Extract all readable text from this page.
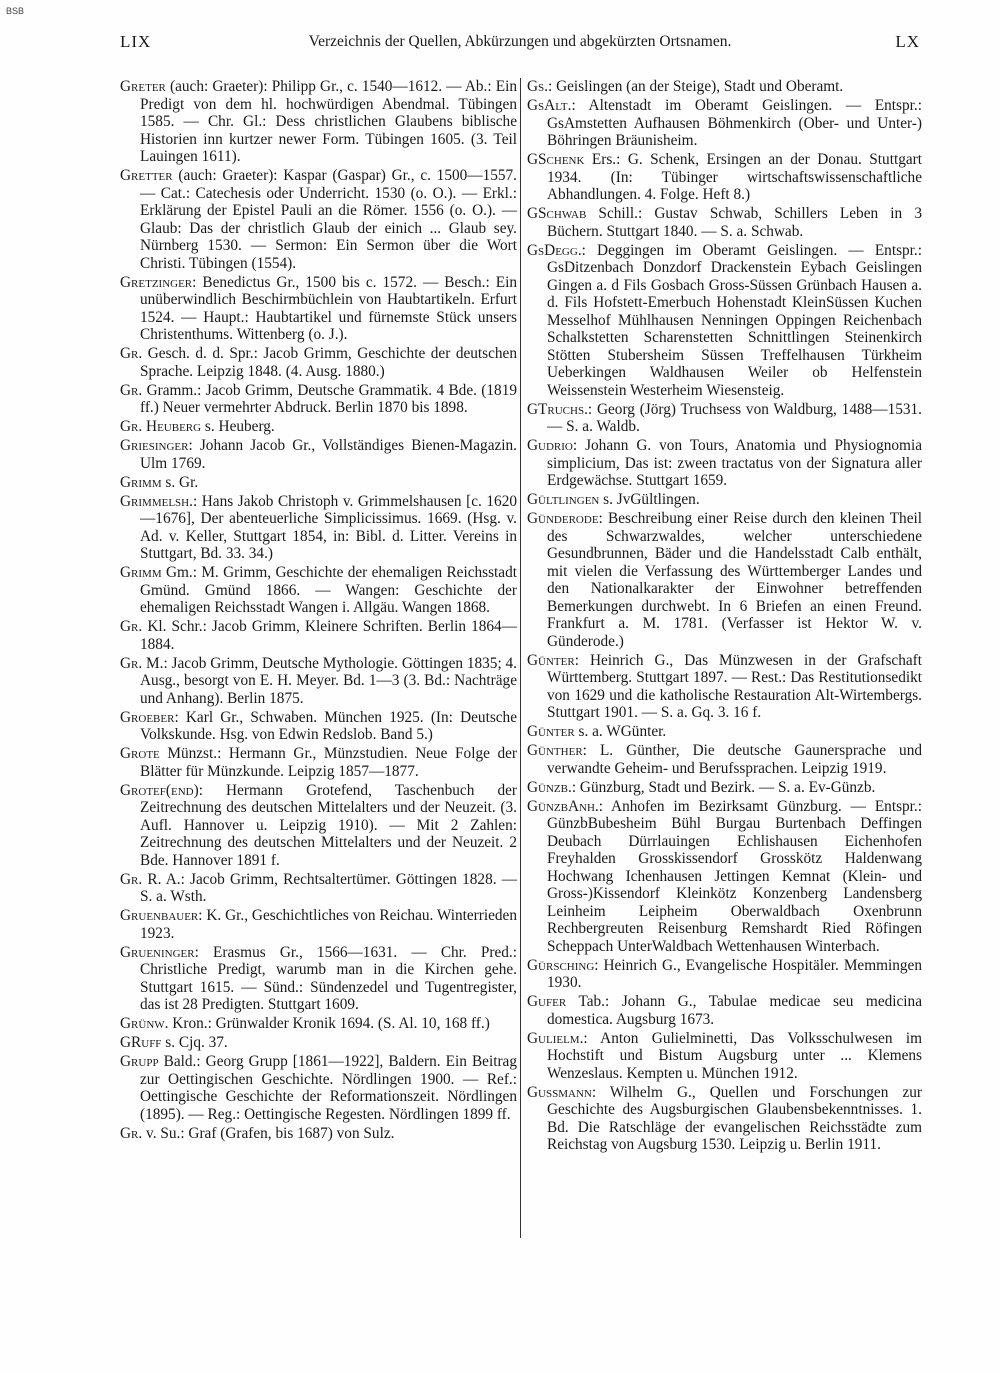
BSB
LIX	Verzeichnis der Quellen, Abkürzungen und abgekürzten Ortsnamen.	LX

Greter (auch: Graeter): Philipp Gr., c. 1540—1612. — Ab.: Ein Predigt von dem hl. hochwürdigen Abendmal. Tübingen 1585. — Chr. Gl.: Dess christlichen Glaubens biblische Historien inn kurtzer newer Form. Tübingen 1605. (3. Teil Lauingen 1611).

Gretter (auch: Graeter): Kaspar (Gaspar) Gr., c. 1500—1557. — Cat.: Catechesis oder Underricht. 1530 (o. O.). — Erkl.: Erklärung der Epistel Pauli an die Römer. 1556 (o. O.). — Glaub: Das der christlich Glaub der einich ... Glaub sey. Nürnberg 1530. — Sermon: Ein Sermon über die Wort Christi. Tübingen (1554).

Gretzinger: Benedictus Gr., 1500 bis c. 1572. — Besch.: Ein unüberwindlich Beschirmbüchlein von Haubtartikeln. Erfurt 1524. — Haupt.: Haubtartikel und fürnemste Stück unsers Christenthums. Wittenberg (o. J.).

Gr. Gesch. d. d. Spr.: Jacob Grimm, Geschichte der deutschen Sprache. Leipzig 1848. (4. Ausg. 1880.)

Gr. Gramm.: Jacob Grimm, Deutsche Grammatik. 4 Bde. (1819 ff.) Neuer vermehrter Abdruck. Berlin 1870 bis 1898.

Gr. Heuberg s. Heuberg.

Griesinger: Johann Jacob Gr., Vollständiges Bienen-Magazin. Ulm 1769.

Grimm s. Gr.

Grimmelsh.: Hans Jakob Christoph v. Grimmelshausen [c. 1620—1676], Der abenteuerliche Simplicissimus. 1669. (Hsg. v. Ad. v. Keller, Stuttgart 1854, in: Bibl. d. Litter. Vereins in Stuttgart, Bd. 33. 34.)

Grimm Gm.: M. Grimm, Geschichte der ehemaligen Reichsstadt Gmünd. Gmünd 1866. — Wangen: Geschichte der ehemaligen Reichsstadt Wangen i. Allgäu. Wangen 1868.

Gr. Kl. Schr.: Jacob Grimm, Kleinere Schriften. Berlin 1864—1884.

Gr. M.: Jacob Grimm, Deutsche Mythologie. Göttingen 1835; 4. Ausg., besorgt von E. H. Meyer. Bd. 1—3 (3. Bd.: Nachträge und Anhang). Berlin 1875.

Groeber: Karl Gr., Schwaben. München 1925. (In: Deutsche Volkskunde. Hsg. von Edwin Redslob. Band 5.)

Grote Münzst.: Hermann Gr., Münzstudien. Neue Folge der Blätter für Münzkunde. Leipzig 1857—1877.

Grotef(end): Hermann Grotefend, Taschenbuch der Zeitrechnung des deutschen Mittelalters und der Neuzeit. (3. Aufl. Hannover u. Leipzig 1910). — Mit 2 Zahlen: Zeitrechnung des deutschen Mittelalters und der Neuzeit. 2 Bde. Hannover 1891 f.

Gr. R. A.: Jacob Grimm, Rechtsaltertümer. Göttingen 1828. — S. a. Wsth.

Gruenbauer: K. Gr., Geschichtliches von Reichau. Winterrieden 1923.

Grueninger: Erasmus Gr., 1566—1631. — Chr. Pred.: Christliche Predigt, warumb man in die Kirchen gehe. Stuttgart 1615. — Sünd.: Sündenzedel und Tugentregister, das ist 28 Predigten. Stuttgart 1609.

Grünw. Kron.: Grünwalder Kronik 1694. (S. Al. 10, 168 ff.)

GRuff s. Cjq. 37.

Grupp Bald.: Georg Grupp [1861—1922], Baldern. Ein Beitrag zur Oettingischen Geschichte. Nördlingen 1900. — Ref.: Oettingische Geschichte der Reformationszeit. Nördlingen (1895). — Reg.: Oettingische Regesten. Nördlingen 1899 ff.

Gr. v. Su.: Graf (Grafen, bis 1687) von Sulz.

Gs.: Geislingen (an der Steige), Stadt und Oberamt.

GsAlt.: Altenstadt im Oberamt Geislingen. — Entspr.: GsAmstetten Aufhausen Böhmenkirch (Ober- und Unter-) Böhringen Bräunisheim.

GSchenk Ers.: G. Schenk, Ersingen an der Donau. Stuttgart 1934. (In: Tübinger wirtschaftswissenschaftliche Abhandlungen. 4. Folge. Heft 8.)

GSchwab Schill.: Gustav Schwab, Schillers Leben in 3 Büchern. Stuttgart 1840. — S. a. Schwab.

GsDegg.: Deggingen im Oberamt Geislingen. — Entspr.: GsDitzenbach Donzdorf Drackenstein Eybach Geislingen Gingen a. d Fils Gosbach Gross-Süssen Grünbach Hausen a. d. Fils Hofstett-Emerbuch Hohenstadt KleinSüssen Kuchen Messelhof Mühlhausen Nenningen Oppingen Reichenbach Schalkstetten Scharenstetten Schnittlingen Steinenkirch Stötten Stubersheim Süssen Treffelhausen Türkheim Ueberkingen Waldhausen Weiler ob Helfenstein Weissenstein Westerheim Wiesensteig.

GTruchs.: Georg (Jörg) Truchsess von Waldburg, 1488—1531. — S. a. Waldb.

Gudrio: Johann G. von Tours, Anatomia und Physiognomia simplicium, Das ist: zween tractatus von der Signatura aller Erdgewächse. Stuttgart 1659.

Gültlingen s. JvGültlingen.

Günderode: Beschreibung einer Reise durch den kleinen Theil des Schwarzwaldes, welcher unterschiedene Gesundbrunnen, Bäder und die Handelsstadt Calb enthält, mit vielen die Verfassung des Württemberger Landes und den Nationalkarakter der Einwohner betreffenden Bemerkungen durchwebt. In 6 Briefen an einen Freund. Frankfurt a. M. 1781. (Verfasser ist Hektor W. v. Günderode.)

Günter: Heinrich G., Das Münzwesen in der Grafschaft Württemberg. Stuttgart 1897. — Rest.: Das Restitutionsedikt von 1629 und die katholische Restauration Alt-Wirtembergs. Stuttgart 1901. — S. a. Gq. 3. 16 f.

Günter s. a. WGünter.

Günther: L. Günther, Die deutsche Gaunersprache und verwandte Geheim- und Berufssprachen. Leipzig 1919.

Günzb.: Günzburg, Stadt und Bezirk. — S. a. Ev-Günzb.

GünzbAnh.: Anhofen im Bezirksamt Günzburg. — Entspr.: GünzbBubesheim Bühl Burgau Burtenbach Deffingen Deubach Dürrlauingen Echlishausen Eichenhofen Freyhalden Grosskissendorf Grosskötz Haldenwang Hochwang Ichenhausen Jettingen Kemnat (Klein- und Gross-)Kissendorf Kleinkötz Konzenberg Landensberg Leinheim Leipheim Oberwaldbach Oxenbrunn Rechbergreuten Reisenburg Remshardt Ried Röfingen Scheppach UnterWaldbach Wettenhausen Winterbach.

Gürsching: Heinrich G., Evangelische Hospitäler. Memmingen 1930.

Gufer Tab.: Johann G., Tabulae medicae seu medicina domestica. Augsburg 1673.

Gulielm.: Anton Gulielminetti, Das Volksschulwesen im Hochstift und Bistum Augsburg unter ... Klemens Wenzeslaus. Kempten u. München 1912.

Gussmann: Wilhelm G., Quellen und Forschungen zur Geschichte des Augsburgischen Glaubensbekenntnisses. 1. Bd. Die Ratschläge der evangelischen Reichsstädte zum Reichstag von Augsburg 1530. Leipzig u. Berlin 1911.
